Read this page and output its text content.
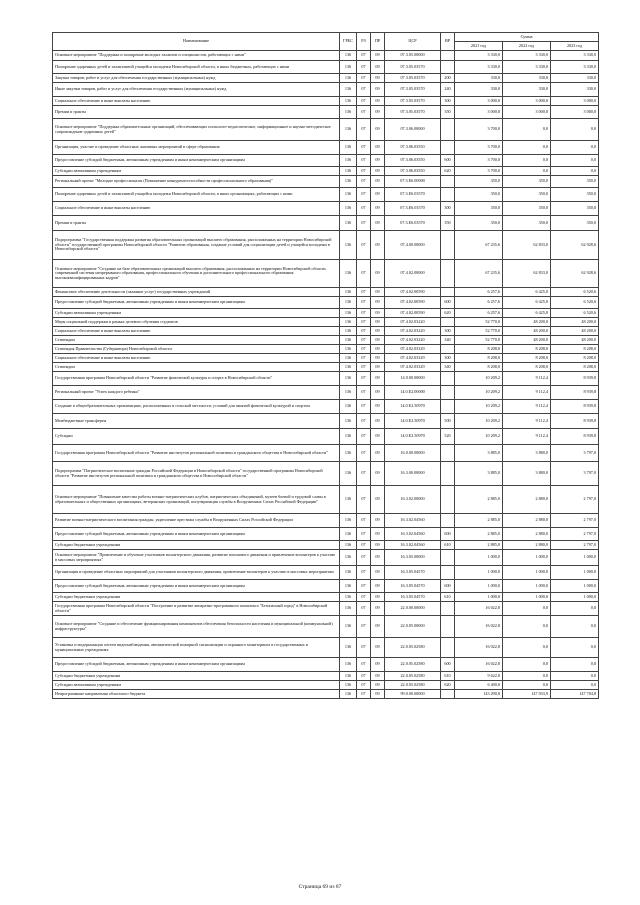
Наименование	ГРБС	РЗ	ПР	ЦСР	ВР	Сумма		
						2021 год	2022 год	2023 год
Основное мероприятие "Поддержка и поощрение молодых талантов и специалистов, работающих с ними"	136	07	09	07.3.05.00000		3 330,0	3 330,0	3 330,0
Поощрение одаренных детей и талантливой учащейся молодежи Новосибирской области, в иных бюджетных, работающих с ними	136	07	09	07.3.05.03570		3 330,0	3 330,0	3 330,0
Закупка товаров, работ и услуг для обеспечения государственных (муниципальных) нужд	136	07	09	07.3.05.03570	200	330,0	330,0	330,0
Иные закупки товаров, работ и услуг для обеспечения государственных (муниципальных) нужд	136	07	09	07.3.05.03570	240	330,0	330,0	330,0
Социальное обеспечение и иные выплаты населению	136	07	09	07.3.05.03570	300	3 000,0	3 000,0	3 000,0
Премии и гранты	136	07	09	07.3.05.03570	350	3 000,0	3 000,0	3 000,0
Основное мероприятие "Поддержка образовательных организаций, обеспечивающих психолого-педагогическое, информационное и научно-методическое сопровождение одаренных детей"	136	07	09	07.3.06.00000		3 700,0	0,0	0,0
Организация, участие и проведение областных значимых мероприятий в сфере образования	136	07	09	07.3.06.03550		3 700,0	0,0	0,0
Предоставление субсидий бюджетным, автономным учреждениям и иным некоммерческим организациям	136	07	09	07.3.06.03550	600	3 700,0	0,0	0,0
Субсидии автономным учреждениям	136	07	09	07.3.06.03550	620	3 700,0	0,0	0,0
Региональный проект "Молодые профессионалы (Повышение конкурентоспособности профессионального образования)"	136	07	09	07.3.E6.00000		350,0	350,0	350,0
Поощрение одаренных детей и талантливой учащейся молодежи Новосибирской области, в иных организациях, работающих с ними	136	07	09	07.3.E6.03570		350,0	350,0	350,0
Социальное обеспечение и иные выплаты населению	136	07	09	07.3.E6.03570	300	350,0	350,0	350,0
Премии и гранты	136	07	09	07.3.E6.03570	350	350,0	350,0	350,0
Подпрограмма "Государственная поддержка развития образовательных организаций высшего образования, расположенных на территории Новосибирской области" государственной программы Новосибирской области "Развитие образования, создание условий для социализации детей и учащейся молодежи в Новосибирской области"	136	07	09	07.4.00.00000		67 235,6	62 833,0	62 928,6
Основное мероприятие "Создание на базе образовательных организаций высшего образования, расположенных на территории Новосибирской области, современной системы непрерывного образования, профессионального обучения и дополнительного профессионального образования высококвалифицированных кадров"	136	07	09	07.4.02.00000		67 235,6	62 833,0	62 928,6
Финансовое обеспечение деятельности (оказание услуг) государственных учреждений	136	07	09	07.4.02.00590		6 257,6	6 425,0	6 520,6
Предоставление субсидий бюджетным, автономным учреждениям и иным некоммерческим организациям	136	07	09	07.4.02.00590	600	6 257,6	6 425,0	6 520,6
Субсидии автономным учреждениям	136	07	09	07.4.02.00590	620	6 257,6	6 425,0	6 520,6
Меры социальной поддержки в рамках целевого обучения студентов	136	07	09	07.4.02.03220		52 770,0	48 200,0	48 200,0
Социальное обеспечение и иные выплаты населению	136	07	09	07.4.02.03220	300	52 770,0	48 200,0	48 200,0
Стипендии	136	07	09	07.4.02.03220	340	52 770,0	48 200,0	48 200,0
Стипендия Правительства (Губернатора) Новосибирской области	136	07	09	07.4.02.03329		8 208,0	8 208,0	8 208,0
Социальное обеспечение и иные выплаты населению	136	07	09	07.4.02.03329	300	8 208,0	8 208,0	8 208,0
Стипендии	136	07	09	07.4.02.03329	340	8 208,0	8 208,0	8 208,0
Государственная программа Новосибирской области "Развитие физической культуры и спорта в Новосибирской области"	136	07	09	14.0.00.00000		10 209,2	9 112,4	8 939,8
Региональный проект "Успех каждого ребенка"	136	07	09	14.0.E2.00000		10 209,2	9 112,4	8 939,8
Создание в общеобразовательных организациях, расположенных в сельской местности, условий для занятий физической культурой и спортом	136	07	09	14.0.E2.50970		10 209,2	9 112,4	8 939,8
Межбюджетные трансферты	136	07	09	14.0.E2.50970	500	10 209,2	9 112,4	8 939,8
Субсидии	136	07	09	14.0.E2.50970	520	10 209,2	9 112,4	8 939,8
Государственная программа Новосибирской области "Развитие институтов региональной политики и гражданского общества в Новосибирской области"	136	07	09	16.0.00.00000		3 885,0	3 880,0	3 797,0
Подпрограмма "Патриотическое воспитание граждан Российской Федерации в Новосибирской области" государственной программы Новосибирской области "Развитие институтов региональной политики и гражданского общества в Новосибирской области"	136	07	09	16.3.00.00000		3 885,0	3 880,0	3 797,0
Основное мероприятие "Повышение качества работы военно-патриотических клубов, патриотических объединений, музеев боевой и трудовой славы в образовательных и общественных организациях, ветеранских организаций, популяризация службы в Вооруженных Силах Российской Федерации"	136	07	09	16.3.02.00000		2 885,0	2 880,0	2 797,0
Развитие военно-патриотического воспитания граждан, укрепление престижа службы в Вооруженных Силах Российской Федерации	136	07	09	16.3.02.04560		2 885,0	2 880,0	2 797,0
Предоставление субсидий бюджетным, автономным учреждениям и иным некоммерческим организациям	136	07	09	16.3.02.04560	600	2 885,0	2 880,0	2 797,0
Субсидии бюджетным учреждениям	136	07	09	16.3.02.04560	610	2 885,0	2 880,0	2 797,0
Основное мероприятие "Привлечение и обучение участников волонтерского движения, развитие поискового движения и привлечение волонтеров к участию в массовых мероприятиях"	136	07	09	16.3.05.00000		1 000,0	1 000,0	1 000,0
Организация и проведение областных мероприятий для участников волонтерского движения, привлечение волонтеров к участию в массовых мероприятиях	136	07	09	16.3.05.04570		1 000,0	1 000,0	1 000,0
Предоставление субсидий бюджетным, автономным учреждениям и иным некоммерческим организациям	136	07	09	16.3.05.04570	600	1 000,0	1 000,0	1 000,0
Субсидии бюджетным учреждениям	136	07	09	16.3.05.04570	610	1 000,0	1 000,0	1 000,0
Государственная программа Новосибирской области "Построение и развитие аппаратно-программного комплекса "Безопасный город" в Новосибирской области"	136	07	09	22.0.00.00000		16 022,8	0,0	0,0
Основное мероприятие "Создание и обеспечение функционирования компонентов обеспечения безопасности населения и муниципальной (коммунальной) инфраструктуры"	136	07	09	22.0.05.00000		16 022,8	0,0	0,0
Установка и модернизация систем видеонаблюдения, автоматической пожарной сигнализации и охранного мониторинга в государственных и муниципальных учреждениях	136	07	09	22.0.05.02580		16 022,8	0,0	0,0
Предоставление субсидий бюджетным, автономным учреждениям и иным некоммерческим организациям	136	07	09	22.0.05.02580	600	16 022,8	0,0	0,0
Субсидии бюджетным учреждениям	136	07	09	22.0.05.02580	610	9 622,8	0,0	0,0
Субсидии автономным учреждениям	136	07	09	22.0.05.02580	620	6 400,0	0,0	0,0
Непрограммные направления областного бюджета	136	07	09	99.0.00.00000		143 290,8	147 033,9	147 704,8
Страница 69 из 87
